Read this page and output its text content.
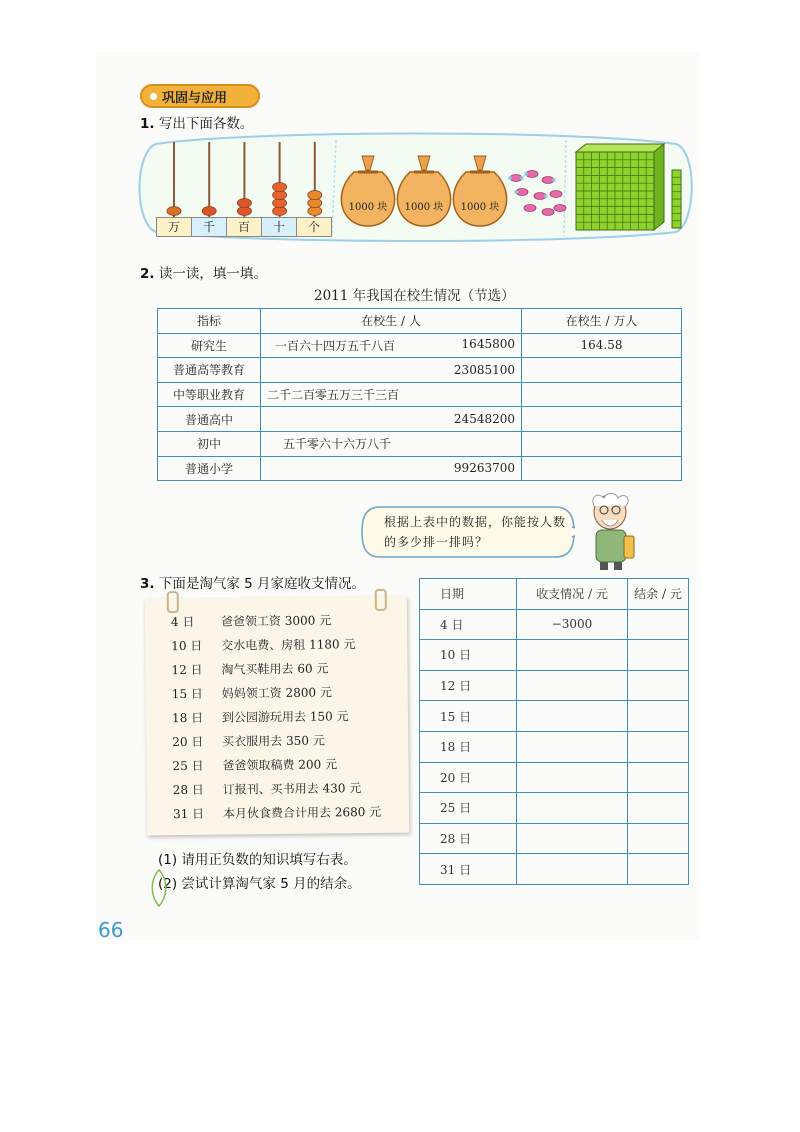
巩固与应用
1. 写出下面各数。
万	千	百	十	个
1000 块	1000 块	1000 块
2. 读一读，填一填。
2011 年我国在校生情况（节选）
指标	在校生 / 人	在校生 / 万人
研究生	一百六十四万五千八百 1645800	164.58
普通高等教育	23085100	

中等职业教育	二千二百零五万三千三百	

普通高中	24548200	

初中	五千零六十六万八千	

普通小学	99263700	

根据上表中的数据，你能按人数的多少排一排吗？
3. 下面是淘气家 5 月家庭收支情况。
4 日 爸爸领工资 3000 元
10 日 交水电费、房租 1180 元
12 日 淘气买鞋用去 60 元
15 日 妈妈领工资 2800 元
18 日 到公园游玩用去 150 元
20 日 买衣服用去 350 元
25 日 爸爸领取稿费 200 元
28 日 订报刊、买书用去 430 元
31 日 本月伙食费合计用去 2680 元
日期	收支情况 / 元	结余 / 元
4 日	−3000	
10 日		
12 日		
15 日		
18 日		
20 日		
25 日		
28 日		
31 日		
(1) 请用正负数的知识填写右表。
(2) 尝试计算淘气家 5 月的结余。
66
